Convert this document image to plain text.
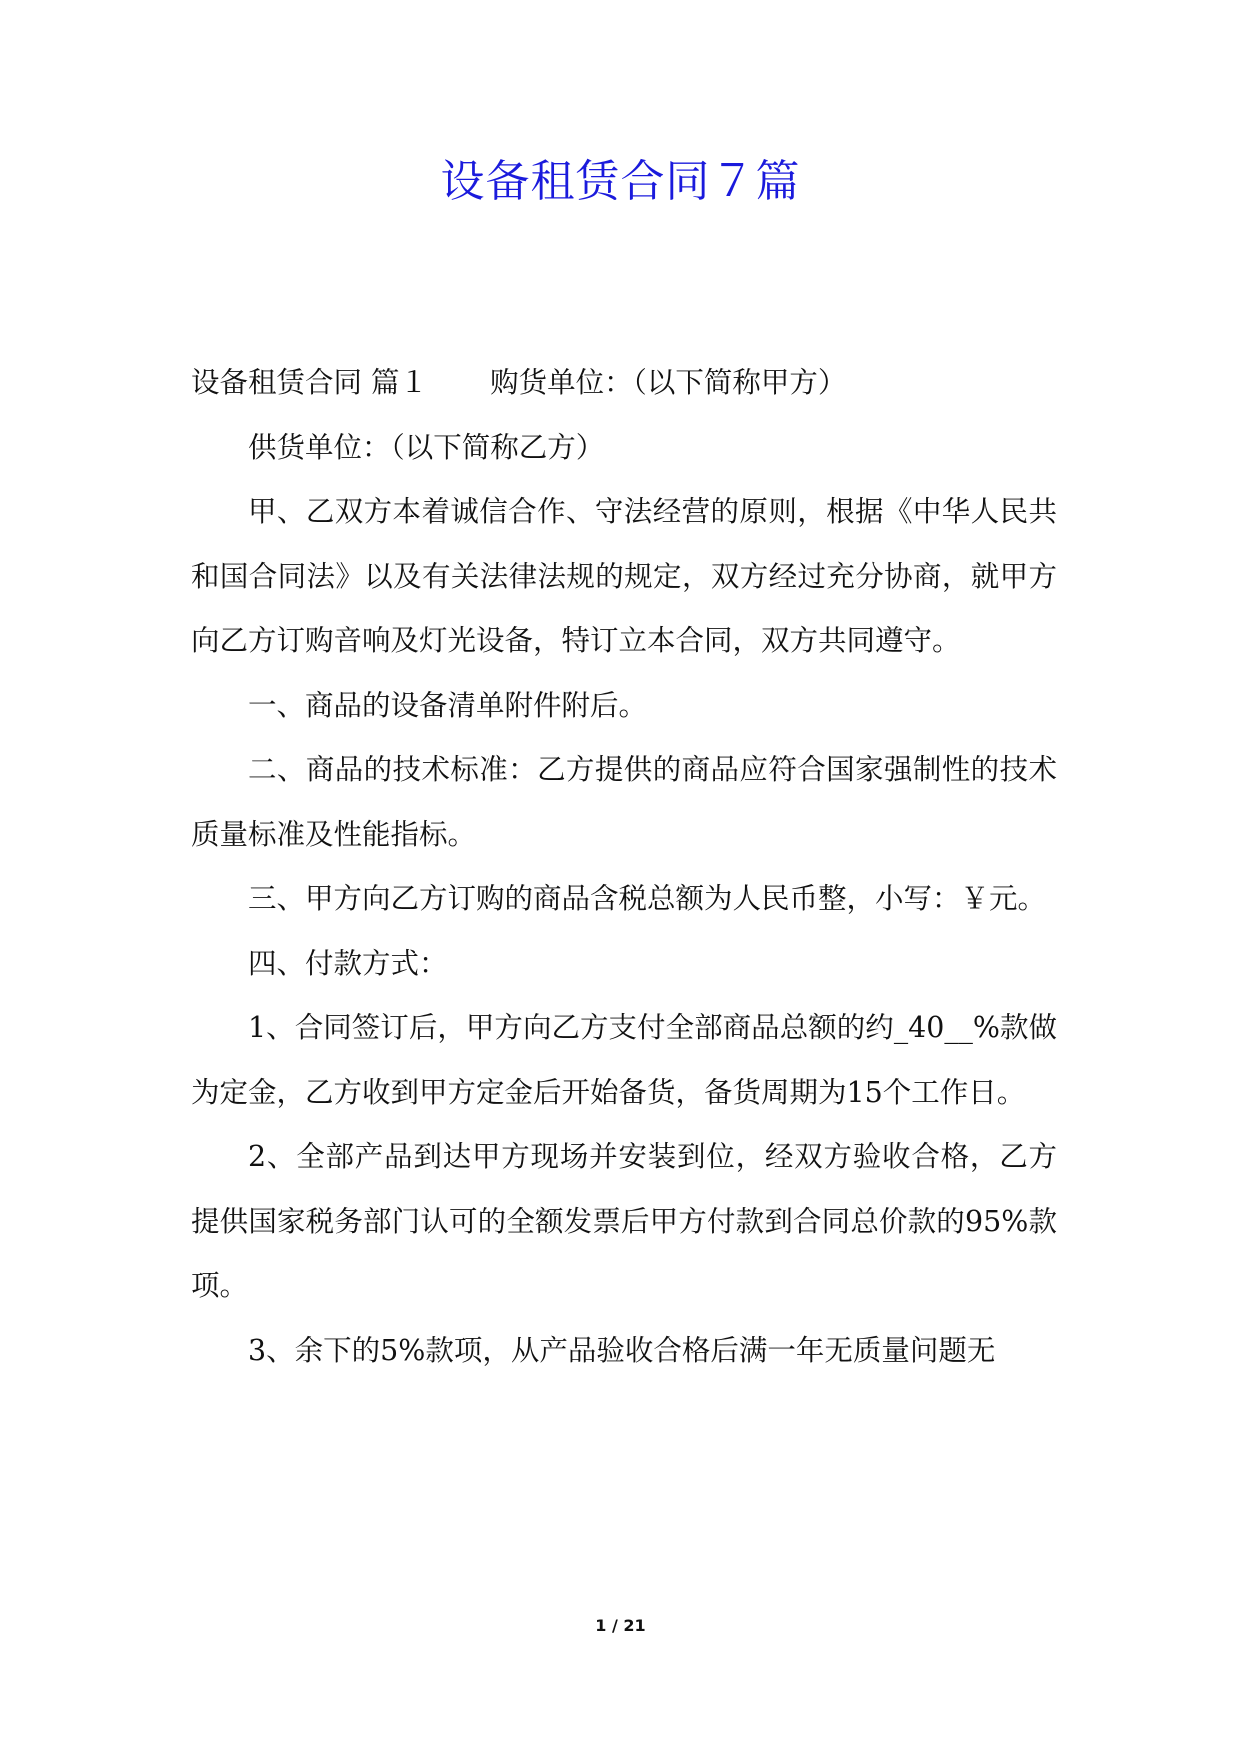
设备租赁合同７篇

设备租赁合同 篇１ 购货单位：（以下简称甲方）

供货单位：（以下简称乙方）

甲、乙双方本着诚信合作、守法经营的原则，根据《中华人民共和国合同法》以及有关法律法规的规定，双方经过充分协商，就甲方向乙方订购音响及灯光设备，特订立本合同，双方共同遵守。

一、商品的设备清单附件附后。

二、商品的技术标准：乙方提供的商品应符合国家强制性的技术质量标准及性能指标。

三、甲方向乙方订购的商品含税总额为人民币整，小写：￥元。

四、付款方式：

1、合同签订后，甲方向乙方支付全部商品总额的约_40__%款做为定金，乙方收到甲方定金后开始备货，备货周期为15个工作日。

2、全部产品到达甲方现场并安装到位，经双方验收合格，乙方提供国家税务部门认可的全额发票后甲方付款到合同总价款的95%款项。

3、余下的5%款项，从产品验收合格后满一年无质量问题无

1 / 21
